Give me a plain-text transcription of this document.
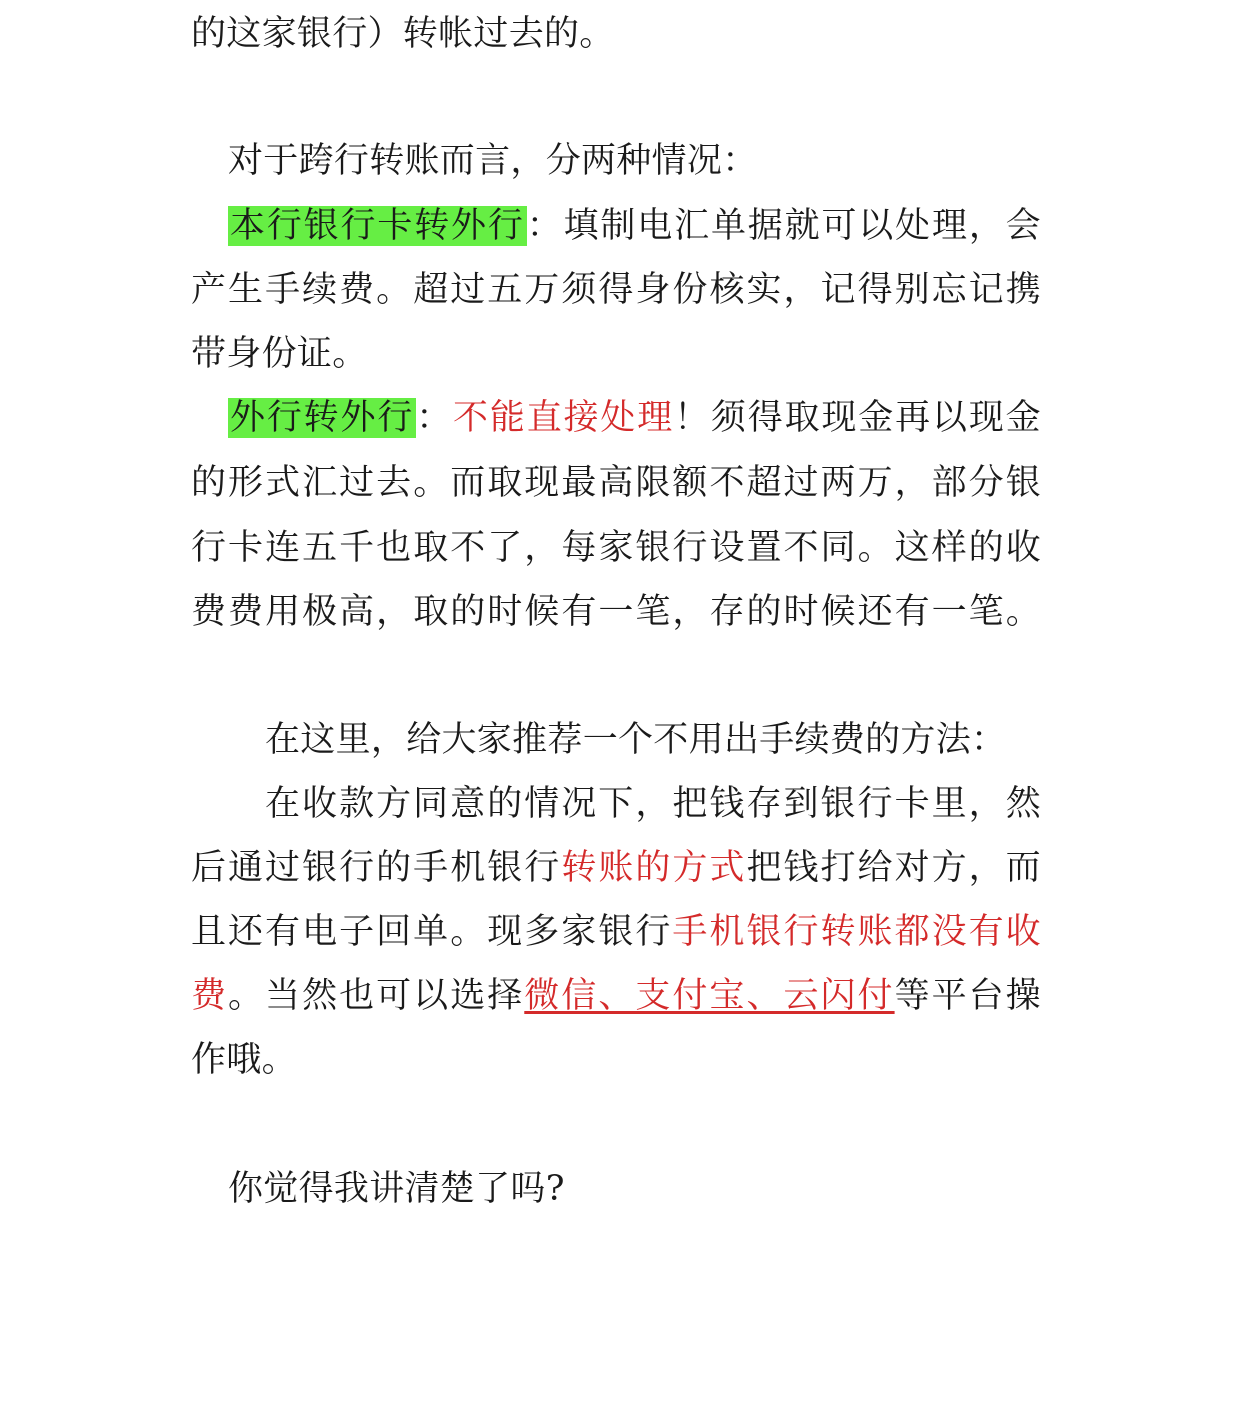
的这家银行）转帐过去的。
对于跨行转账而言，分两种情况：
本行银行卡转外行：填制电汇单据就可以处理，会
产生手续费。超过五万须得身份核实，记得别忘记携
带身份证。
外行转外行：不能直接处理！须得取现金再以现金
的形式汇过去。而取现最高限额不超过两万，部分银
行卡连五千也取不了，每家银行设置不同。这样的收
费费用极高，取的时候有一笔，存的时候还有一笔。
在这里，给大家推荐一个不用出手续费的方法：
在收款方同意的情况下，把钱存到银行卡里，然
后通过银行的手机银行转账的方式把钱打给对方，而
且还有电子回单。现多家银行手机银行转账都没有收
费。当然也可以选择微信、支付宝、云闪付等平台操
作哦。
你觉得我讲清楚了吗?
